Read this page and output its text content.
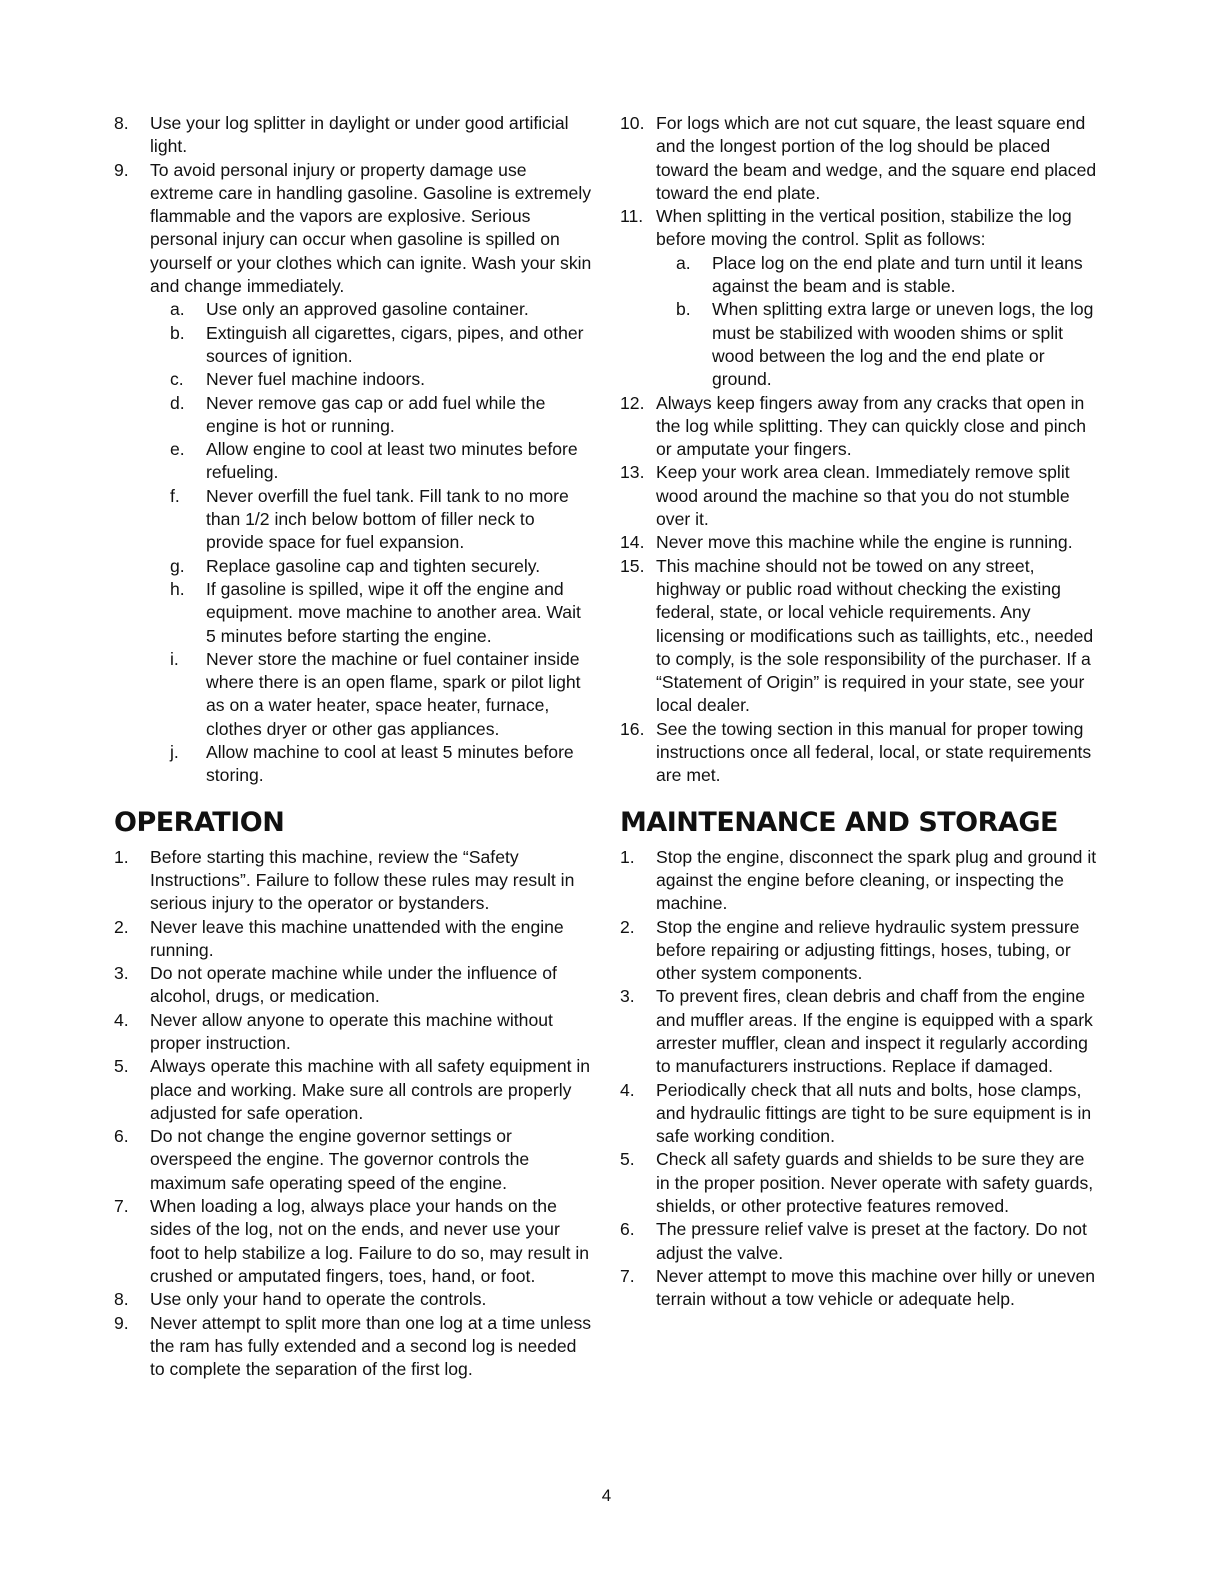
8.	Use your log splitter in daylight or under good artificial light.
9.	To avoid personal injury or property damage use extreme care in handling gasoline. Gasoline is extremely flammable and the vapors are explosive. Serious personal injury can occur when gasoline is spilled on yourself or your clothes which can ignite. Wash your skin and change immediately.
a.	Use only an approved gasoline container.
b.	Extinguish all cigarettes, cigars, pipes, and other sources of ignition.
c.	Never fuel machine indoors.
d.	Never remove gas cap or add fuel while the engine is hot or running.
e.	Allow engine to cool at least two minutes before refueling.
f.	Never overfill the fuel tank. Fill tank to no more than 1/2 inch below bottom of filler neck to provide space for fuel expansion.
g.	Replace gasoline cap and tighten securely.
h.	If gasoline is spilled, wipe it off the engine and equipment. move machine to another area. Wait 5 minutes before starting the engine.
i.	Never store the machine or fuel container inside where there is an open flame, spark or pilot light as on a water heater, space heater, furnace, clothes dryer or other gas appliances.
j.	Allow machine to cool at least 5 minutes before storing.
OPERATION
1.	Before starting this machine, review the “Safety Instructions”. Failure to follow these rules may result in serious injury to the operator or bystanders.
2.	Never leave this machine unattended with the engine running.
3.	Do not operate machine while under the influence of alcohol, drugs, or medication.
4.	Never allow anyone to operate this machine without proper instruction.
5.	Always operate this machine with all safety equipment in place and working. Make sure all controls are properly adjusted for safe operation.
6.	Do not change the engine governor settings or overspeed the engine. The governor controls the maximum safe operating speed of the engine.
7.	When loading a log, always place your hands on the sides of the log, not on the ends, and never use your foot to help stabilize a log. Failure to do so, may result in crushed or amputated fingers, toes, hand, or foot.
8.	Use only your hand to operate the controls.
9.	Never attempt to split more than one log at a time unless the ram has fully extended and a second log is needed to complete the separation of the first log.
10. For logs which are not cut square, the least square end and the longest portion of the log should be placed toward the beam and wedge, and the square end placed toward the end plate.
11. When splitting in the vertical position, stabilize the log before moving the control. Split as follows:
a.	Place log on the end plate and turn until it leans against the beam and is stable.
b.	When splitting extra large or uneven logs, the log must be stabilized with wooden shims or split wood between the log and the end plate or ground.
12. Always keep fingers away from any cracks that open in the log while splitting. They can quickly close and pinch or amputate your fingers.
13. Keep your work area clean. Immediately remove split wood around the machine so that you do not stumble over it.
14. Never move this machine while the engine is running.
15. This machine should not be towed on any street, highway or public road without checking the existing federal, state, or local vehicle requirements. Any licensing or modifications such as taillights, etc., needed to comply, is the sole responsibility of the purchaser. If a “Statement of Origin” is required in your state, see your local dealer.
16. See the towing section in this manual for proper towing instructions once all federal, local, or state requirements are met.
MAINTENANCE AND STORAGE
1.	Stop the engine, disconnect the spark plug and ground it against the engine before cleaning, or inspecting the machine.
2.	Stop the engine and relieve hydraulic system pressure before repairing or adjusting fittings, hoses, tubing, or other system components.
3.	To prevent fires, clean debris and chaff from the engine and muffler areas. If the engine is equipped with a spark arrester muffler, clean and inspect it regularly according to manufacturers instructions. Replace if damaged.
4.	Periodically check that all nuts and bolts, hose clamps, and hydraulic fittings are tight to be sure equipment is in safe working condition.
5.	Check all safety guards and shields to be sure they are in the proper position. Never operate with safety guards, shields, or other protective features removed.
6.	The pressure relief valve is preset at the factory. Do not adjust the valve.
7.	Never attempt to move this machine over hilly or uneven terrain without a tow vehicle or adequate help.
4
